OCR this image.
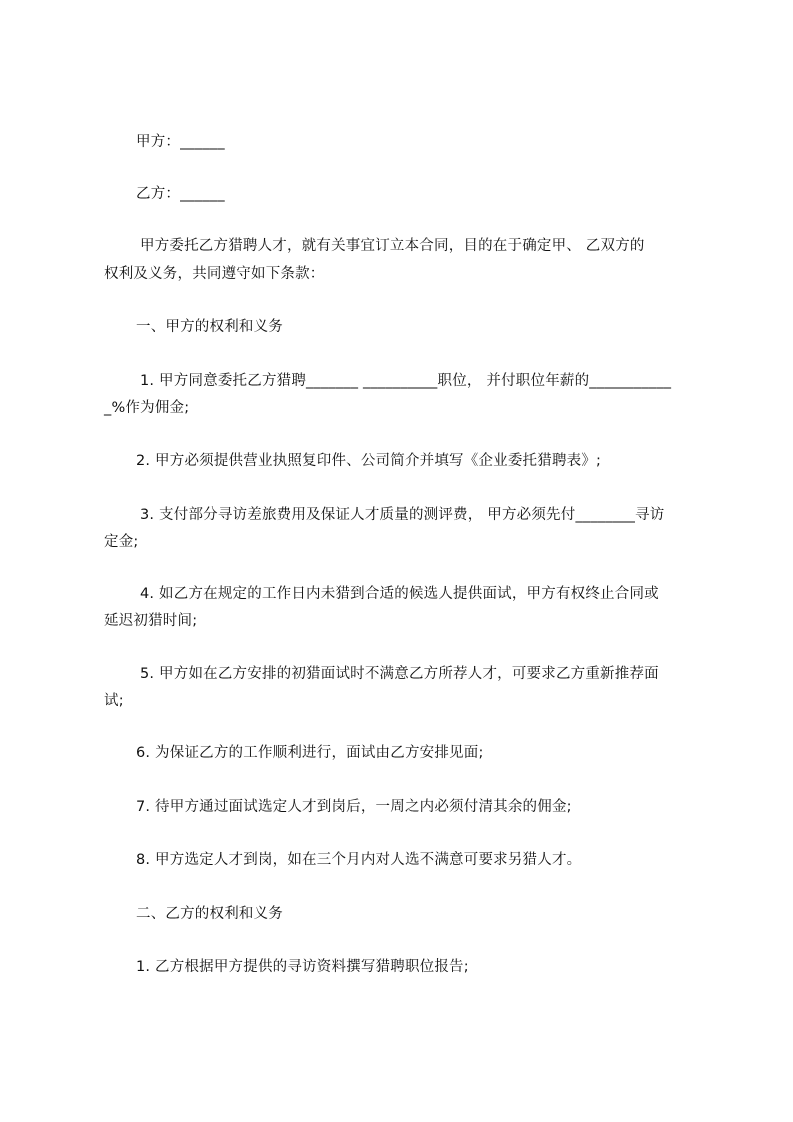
甲方：______
乙方：______
甲方委托乙方猎聘人才，就有关事宜订立本合同，目的在于确定甲、 乙双方的
权利及义务，共同遵守如下条款：
一、甲方的权利和义务
1. 甲方同意委托乙方猎聘_______ __________职位， 并付职位年薪的___________
_%作为佣金;
2. 甲方必须提供营业执照复印件、公司简介并填写《企业委托猎聘表》;
3. 支付部分寻访差旅费用及保证人才质量的测评费， 甲方必须先付________寻访
定金;
4. 如乙方在规定的工作日内未猎到合适的候选人提供面试，甲方有权终止合同或
延迟初猎时间;
5. 甲方如在乙方安排的初猎面试时不满意乙方所荐人才，可要求乙方重新推荐面
试;
6. 为保证乙方的工作顺利进行，面试由乙方安排见面;
7. 待甲方通过面试选定人才到岗后，一周之内必须付清其余的佣金;
8. 甲方选定人才到岗，如在三个月内对人选不满意可要求另猎人才。
二、乙方的权利和义务
1. 乙方根据甲方提供的寻访资料撰写猎聘职位报告;
